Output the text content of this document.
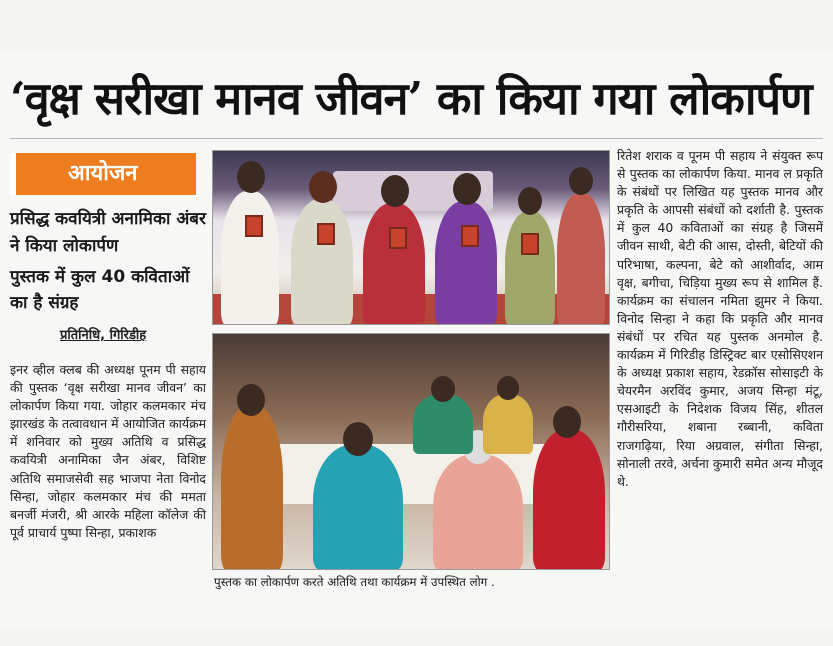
‘वृक्ष सरीखा मानव जीवन’ का किया गया लोकार्पण
आयोजन
प्रसिद्ध कवयित्री अनामिका अंबर ने किया लोकार्पण
पुस्तक में कुल 40 कविताओं का है संग्रह
प्रतिनिधि, गिरिडीह
इनर व्हील क्लब की अध्यक्ष पूनम पी सहाय की पुस्तक ‘वृक्ष सरीखा मानव जीवन’ का लोकार्पण किया गया. जोहार कलमकार मंच झारखंड के तत्वावधान में आयोजित कार्यक्रम में शनिवार को मुख्य अतिथि व प्रसिद्ध कवयित्री अनामिका जैन अंबर, विशिष्ट अतिथि समाजसेवी सह भाजपा नेता विनोद सिन्हा, जोहार कलमकार मंच की ममता बनर्जी मंजरी, श्री आरके महिला कॉलेज की पूर्व प्राचार्य पुष्पा सिन्हा, प्रकाशक
पुस्तक का लोकार्पण करते अतिथि तथा कार्यक्रम में उपस्थित लोग .
रितेश शराक व पूनम पी सहाय ने संयुक्त रूप से पुस्तक का लोकार्पण किया. मानव ल प्रकृति के संबंधों पर लिखित यह पुस्तक मानव और प्रकृति के आपसी संबंधों को दर्शाती है. पुस्तक में कुल 40 कविताओं का संग्रह है जिसमें जीवन साथी, बेटी की आस, दोस्ती, बेटियों की परिभाषा, कल्पना, बेटे को आशीर्वाद, आम वृक्ष, बगीचा, चिड़िया मुख्य रूप से शामिल हैं. कार्यक्रम का संचालन नमिता झुमर ने किया. विनोद सिन्हा ने कहा कि प्रकृति और मानव संबंधों पर रचित यह पुस्तक अनमोल है. कार्यक्रम में गिरिडीह डिस्ट्रिक्ट बार एसोसिएशन के अध्यक्ष प्रकाश सहाय, रेडक्रॉस सोसाइटी के चेयरमैन अरविंद कुमार, अजय सिन्हा मंटू, एसआइटी के निदेशक विजय सिंह, शीतल गौरीसरिया, शबाना रब्बानी, कविता राजगढ़िया, रिया अग्रवाल, संगीता सिन्हा, सोनाली तरवे, अर्चना कुमारी समेत अन्य मौजूद थे.
